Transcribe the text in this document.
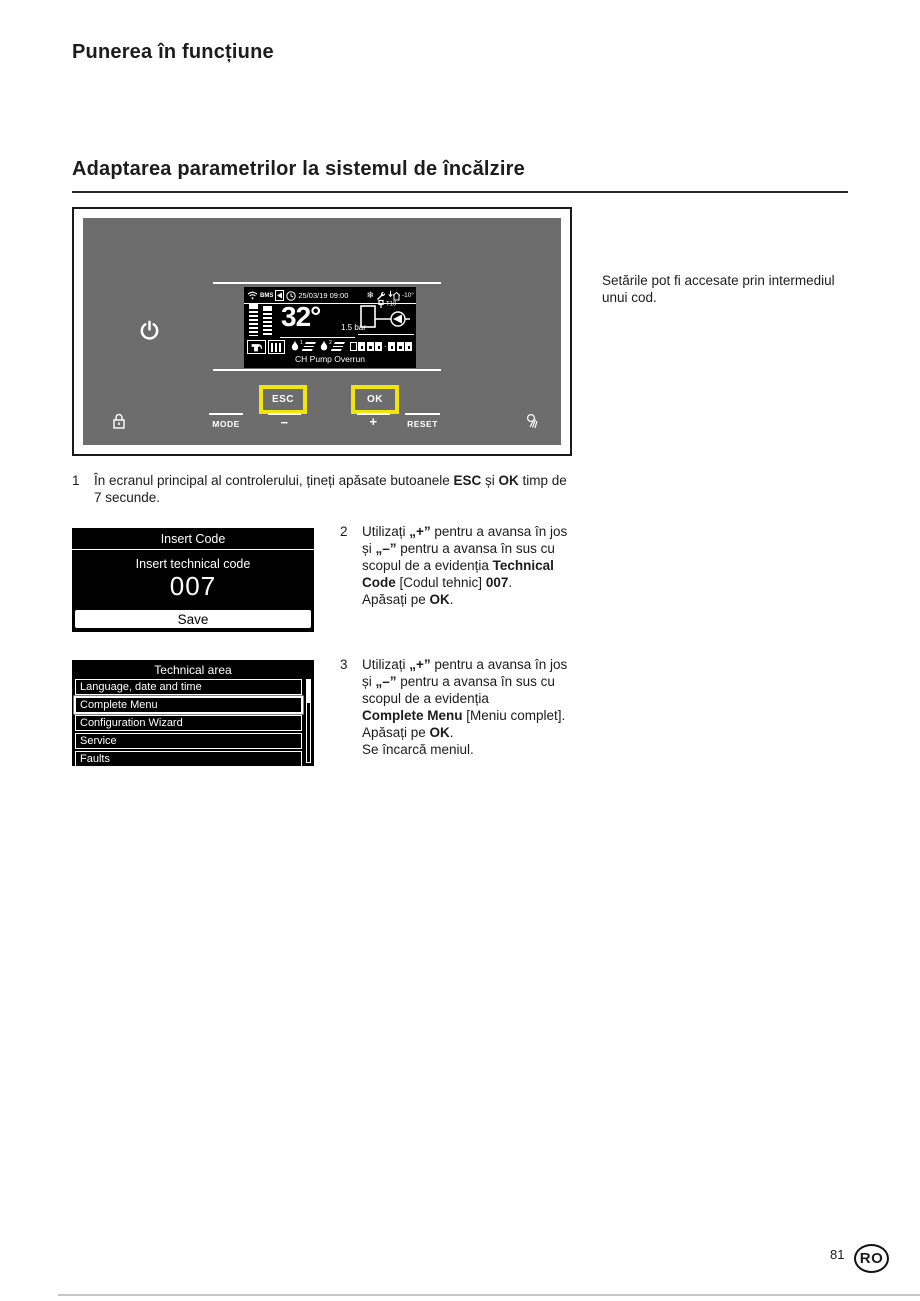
Punerea în funcțiune
Adaptarea parametrilor la sistemul de încălzire
BMS	25/03/19 09:00	❄	-10°
32°	1.5 bar
T10
1	2	·
CH Pump Overrun
ESC	OK
MODE	−	+	RESET
Setările pot fi accesate prin intermediul unui cod.
1	În ecranul principal al controlerului, țineți apăsate butoanele ESC și OK timp de
7 secunde.
Insert Code
Insert technical code
007
Save
2	Utilizați „+” pentru a avansa în jos
și „–” pentru a avansa în sus cu
scopul de a evidenția Technical
Code [Codul tehnic] 007.
Apăsați pe OK.
Technical area
Language, date and time
Complete Menu
Configuration Wizard
Service
Faults
3	Utilizați „+” pentru a avansa în jos
și „–” pentru a avansa în sus cu
scopul de a evidenția
Complete Menu [Meniu complet].
Apăsați pe OK.
Se încarcă meniul.
81	RO
